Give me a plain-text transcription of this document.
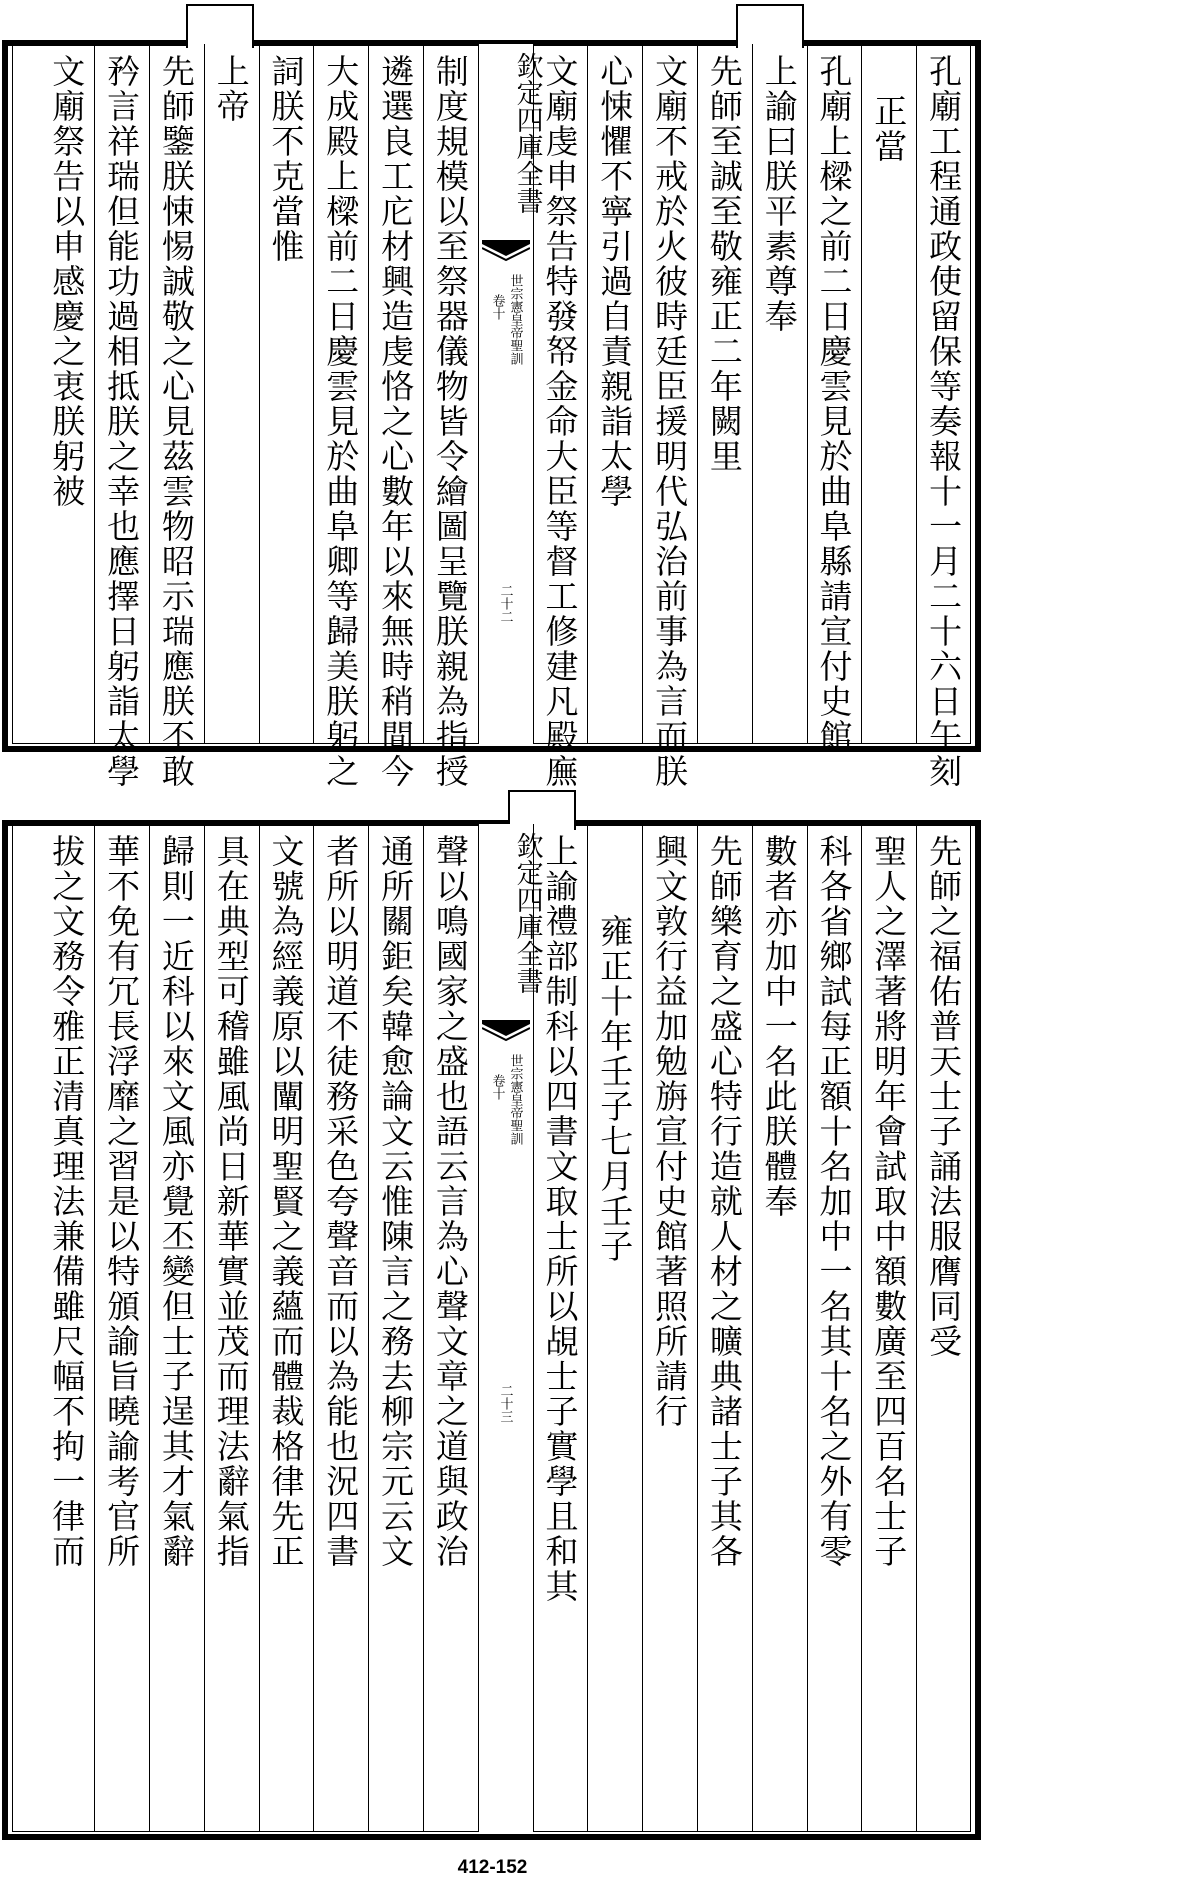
孔廟工程通政使留保等奏報十一月二十六日午刻
正當
孔廟上樑之前二日慶雲見於曲阜縣請宣付史館
上諭曰朕平素尊奉
先師至誠至敬雍正二年闕里
文廟不戒於火彼時廷臣援明代弘治前事為言而朕
心悚懼不寧引過自責親詣太學
文廟虔申祭告特發帑金命大臣等督工修建凡殿廡
欽定四庫全書
世宗憲皇帝聖訓
卷十
二十二
制度規模以至祭器儀物皆令繪圖呈覽朕親為指授
遴選良工庀材興造虔恪之心數年以來無時稍間今
大成殿上樑前二日慶雲見於曲阜卿等歸美朕躬之
詞朕不克當惟
上帝
先師鑒朕悚惕誠敬之心見茲雲物昭示瑞應朕不敢
矜言祥瑞但能功過相抵朕之幸也應擇日躬詣太學
文廟祭告以申感慶之衷朕躬被
先師之福佑普天士子誦法服膺同受
聖人之澤著將明年會試取中額數廣至四百名士子
科各省鄉試每正額十名加中一名其十名之外有零
數者亦加中一名此朕體奉
先師樂育之盛心特行造就人材之曠典諸士子其各
興文敦行益加勉旃宣付史館著照所請行
雍正十年壬子七月壬子
上諭禮部制科以四書文取士所以覘士子實學且和其
欽定四庫全書
世宗憲皇帝聖訓
卷十
二十三
聲以鳴國家之盛也語云言為心聲文章之道與政治
通所關鉅矣韓愈論文云惟陳言之務去柳宗元云文
者所以明道不徒務采色夸聲音而以為能也況四書
文號為經義原以闡明聖賢之義蘊而體裁格律先正
具在典型可稽雖風尚日新華實並茂而理法辭氣指
歸則一近科以來文風亦覺丕變但士子逞其才氣辭
華不免有冗長浮靡之習是以特頒諭旨曉諭考官所
拔之文務令雅正清真理法兼備雖尺幅不拘一律而
412-152
